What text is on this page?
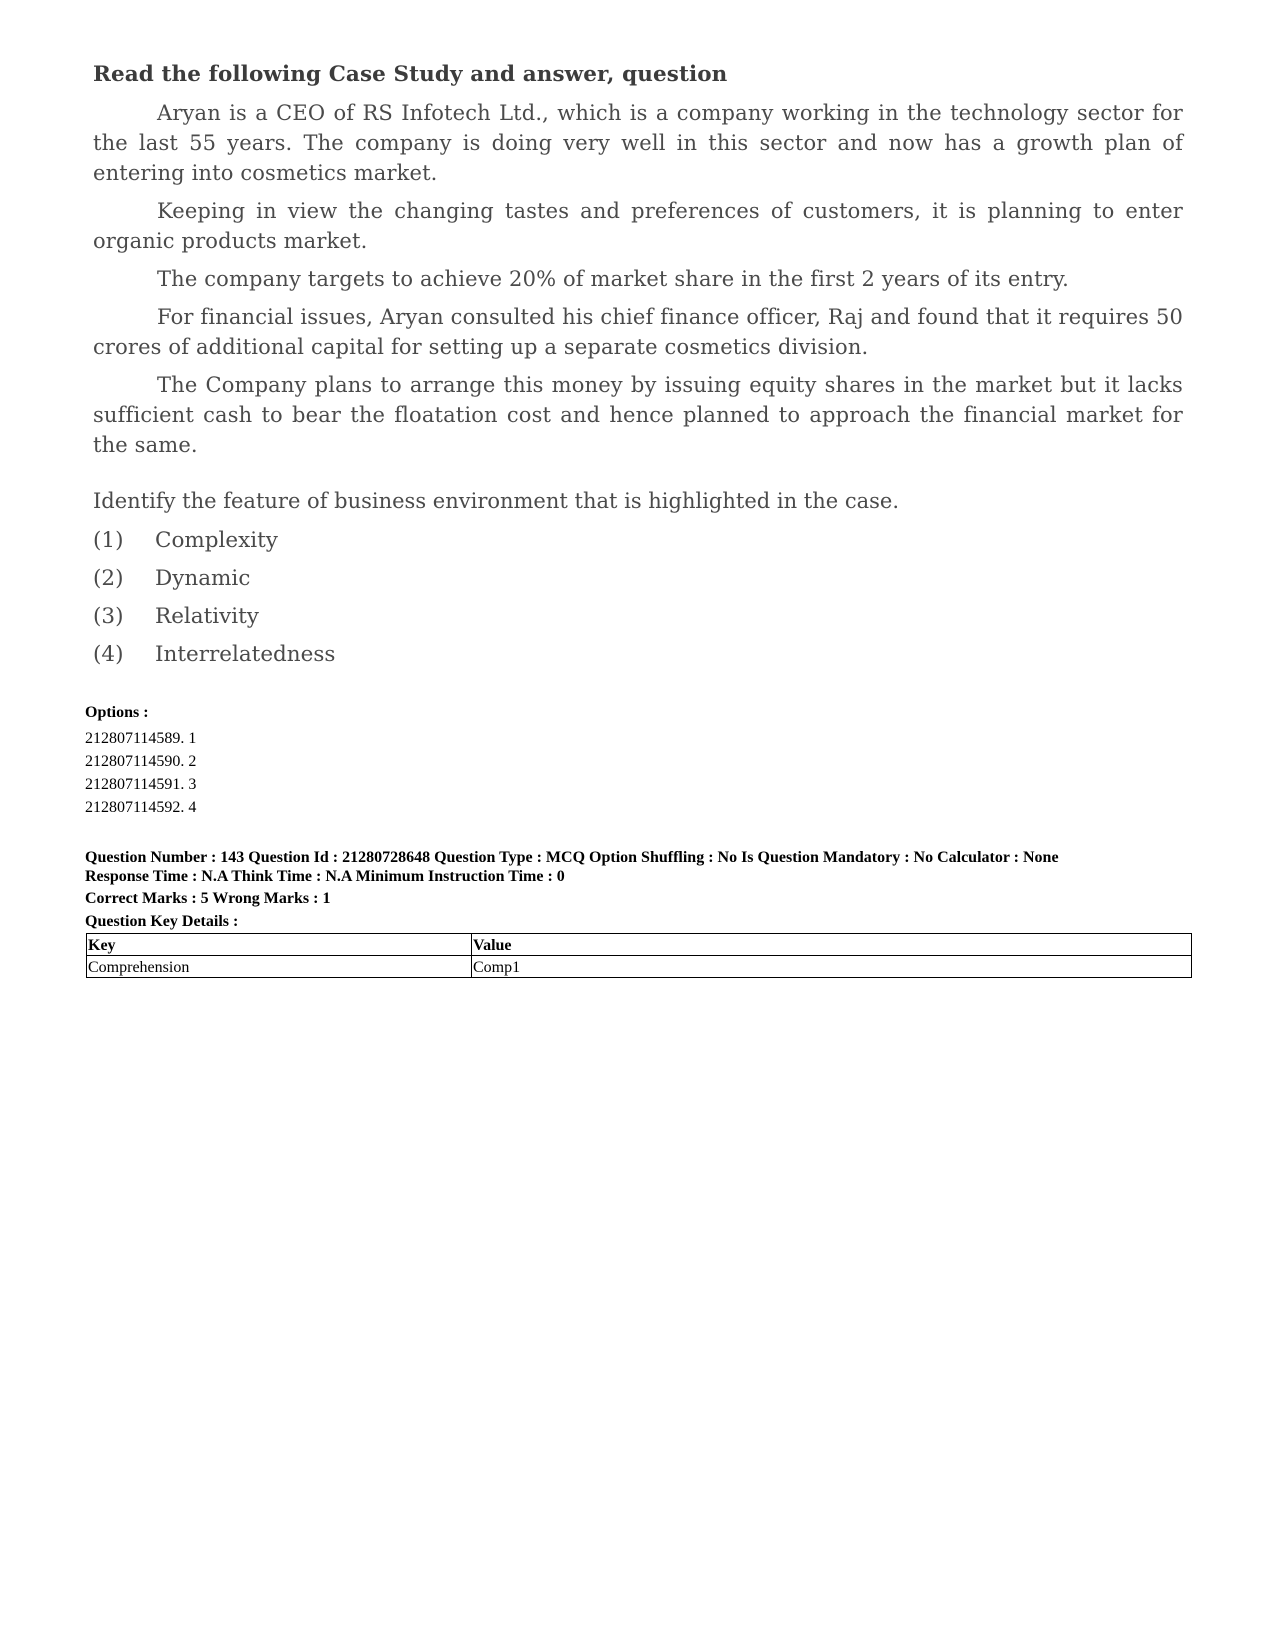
Read the following Case Study and answer, question

Aryan is a CEO of RS Infotech Ltd., which is a company working in the technology sector for the last 55 years. The company is doing very well in this sector and now has a growth plan of entering into cosmetics market.

Keeping in view the changing tastes and preferences of customers, it is planning to enter organic products market.

The company targets to achieve 20% of market share in the first 2 years of its entry.

For financial issues, Aryan consulted his chief finance officer, Raj and found that it requires 50 crores of additional capital for setting up a separate cosmetics division.

The Company plans to arrange this money by issuing equity shares in the market but it lacks sufficient cash to bear the floatation cost and hence planned to approach the financial market for the same.

Identify the feature of business environment that is highlighted in the case.
(1)	Complexity
(2)	Dynamic
(3)	Relativity
(4)	Interrelatedness
Options :
212807114589. 1
212807114590. 2
212807114591. 3
212807114592. 4
Question Number : 143 Question Id : 21280728648 Question Type : MCQ Option Shuffling : No Is Question Mandatory : No Calculator : None
Response Time : N.A Think Time : N.A Minimum Instruction Time : 0
Correct Marks : 5 Wrong Marks : 1
Question Key Details :
Key	Value
Comprehension	Comp1
